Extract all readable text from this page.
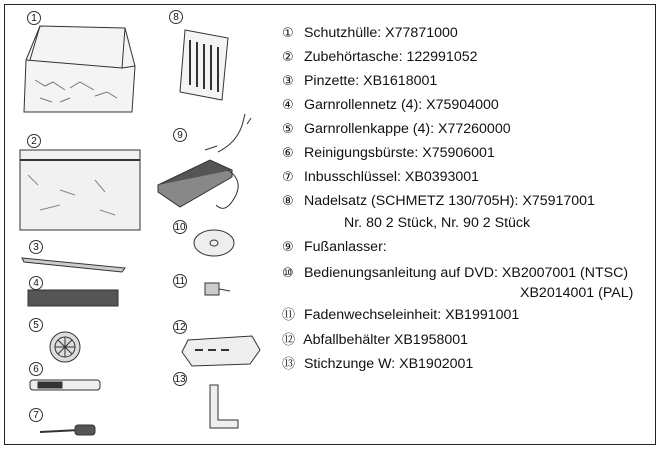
1
2
3
4
5
6
7
8
9
10
11
12
13
① Schutzhülle: X77871000
② Zubehörtasche: 122991052
③ Pinzette: XB1618001
④ Garnrollennetz (4): X75904000
⑤ Garnrollenkappe (4): X77260000
⑥ Reinigungsbürste: X75906001
⑦ Inbusschlüssel: XB0393001
⑧ Nadelsatz (SCHMETZ 130/705H): X75917001
Nr. 80 2 Stück, Nr. 90 2 Stück
⑨ Fußanlasser:
⑩ Bedienungsanleitung auf DVD: XB2007001 (NTSC)
XB2014001 (PAL)
⑪ Fadenwechseleinheit: XB1991001
⑫ Abfallbehälter XB1958001
⑬ Stichzunge W: XB1902001
